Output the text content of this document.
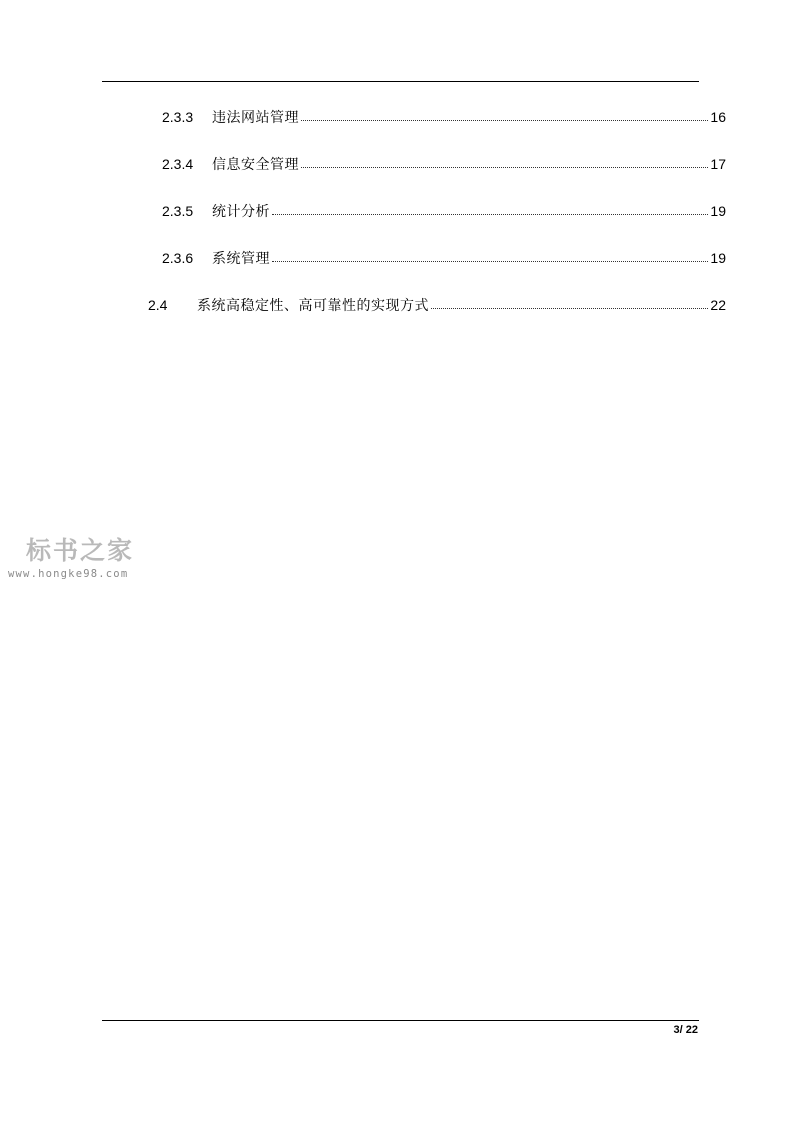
2.3.3	违法网站管理	16
2.3.4	信息安全管理	17
2.3.5	统计分析	19
2.3.6	系统管理	19
2.4	系统高稳定性、高可靠性的实现方式	22
标书之家
www.hongke98.com
3/ 22
